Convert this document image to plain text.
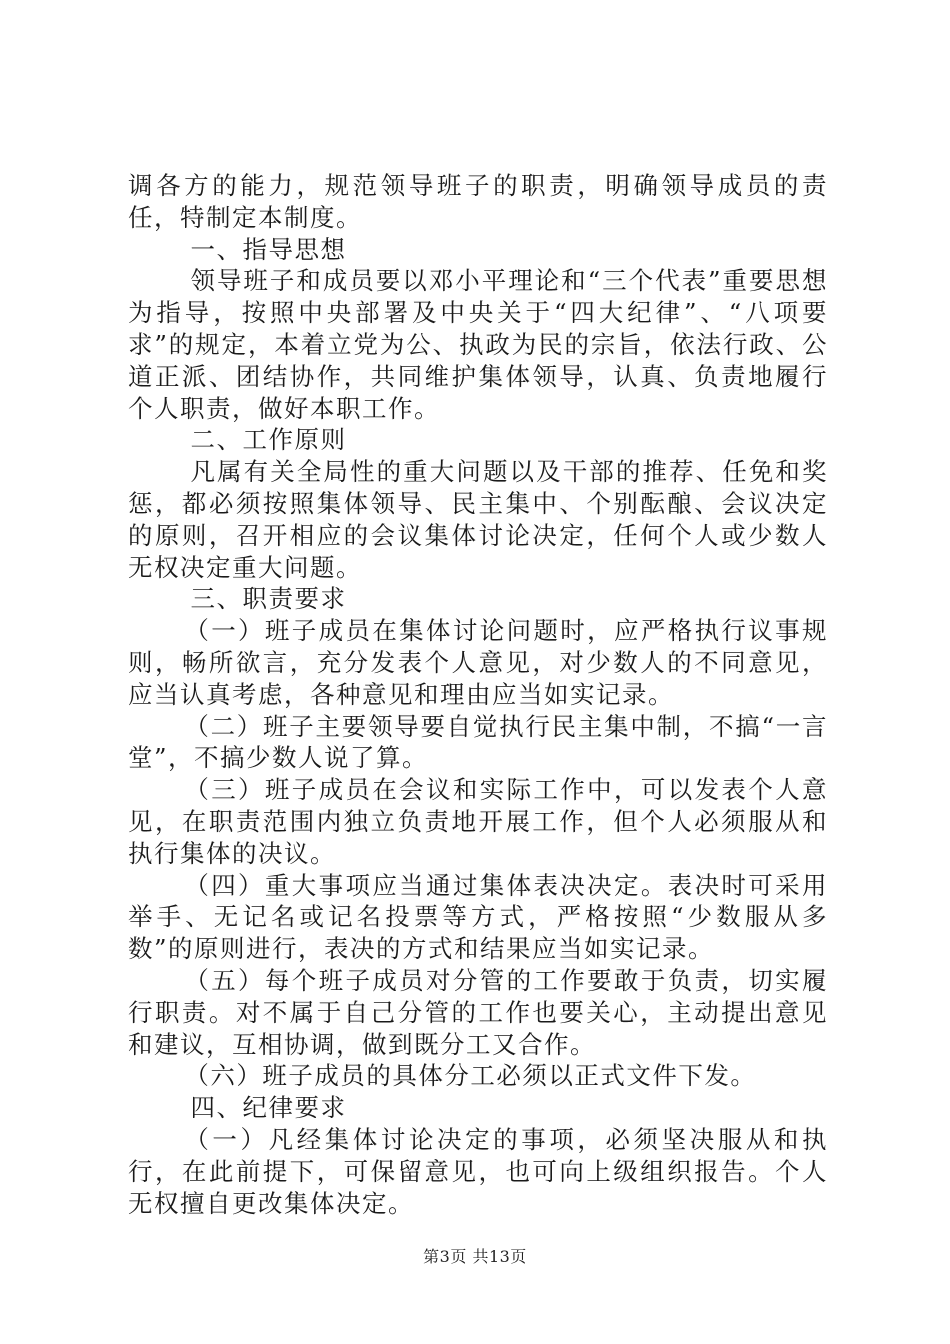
调各方的能力，规范领导班子的职责，明确领导成员的责任，特制定本制度。

一、指导思想

领导班子和成员要以邓小平理论和“三个代表”重要思想为指导，按照中央部署及中央关于“四大纪律”、“八项要求”的规定，本着立党为公、执政为民的宗旨，依法行政、公道正派、团结协作，共同维护集体领导，认真、负责地履行个人职责，做好本职工作。

二、工作原则

凡属有关全局性的重大问题以及干部的推荐、任免和奖惩，都必须按照集体领导、民主集中、个别酝酿、会议决定的原则，召开相应的会议集体讨论决定，任何个人或少数人无权决定重大问题。

三、职责要求

（一）班子成员在集体讨论问题时，应严格执行议事规则，畅所欲言，充分发表个人意见，对少数人的不同意见，应当认真考虑，各种意见和理由应当如实记录。

（二）班子主要领导要自觉执行民主集中制，不搞“一言堂”，不搞少数人说了算。

（三）班子成员在会议和实际工作中，可以发表个人意见，在职责范围内独立负责地开展工作，但个人必须服从和执行集体的决议。

（四）重大事项应当通过集体表决决定。表决时可采用举手、无记名或记名投票等方式，严格按照“少数服从多数”的原则进行，表决的方式和结果应当如实记录。

（五）每个班子成员对分管的工作要敢于负责，切实履行职责。对不属于自己分管的工作也要关心，主动提出意见和建议，互相协调，做到既分工又合作。

（六）班子成员的具体分工必须以正式文件下发。

四、纪律要求

（一）凡经集体讨论决定的事项，必须坚决服从和执行，在此前提下，可保留意见，也可向上级组织报告。个人无权擅自更改集体决定。

第3页 共13页
